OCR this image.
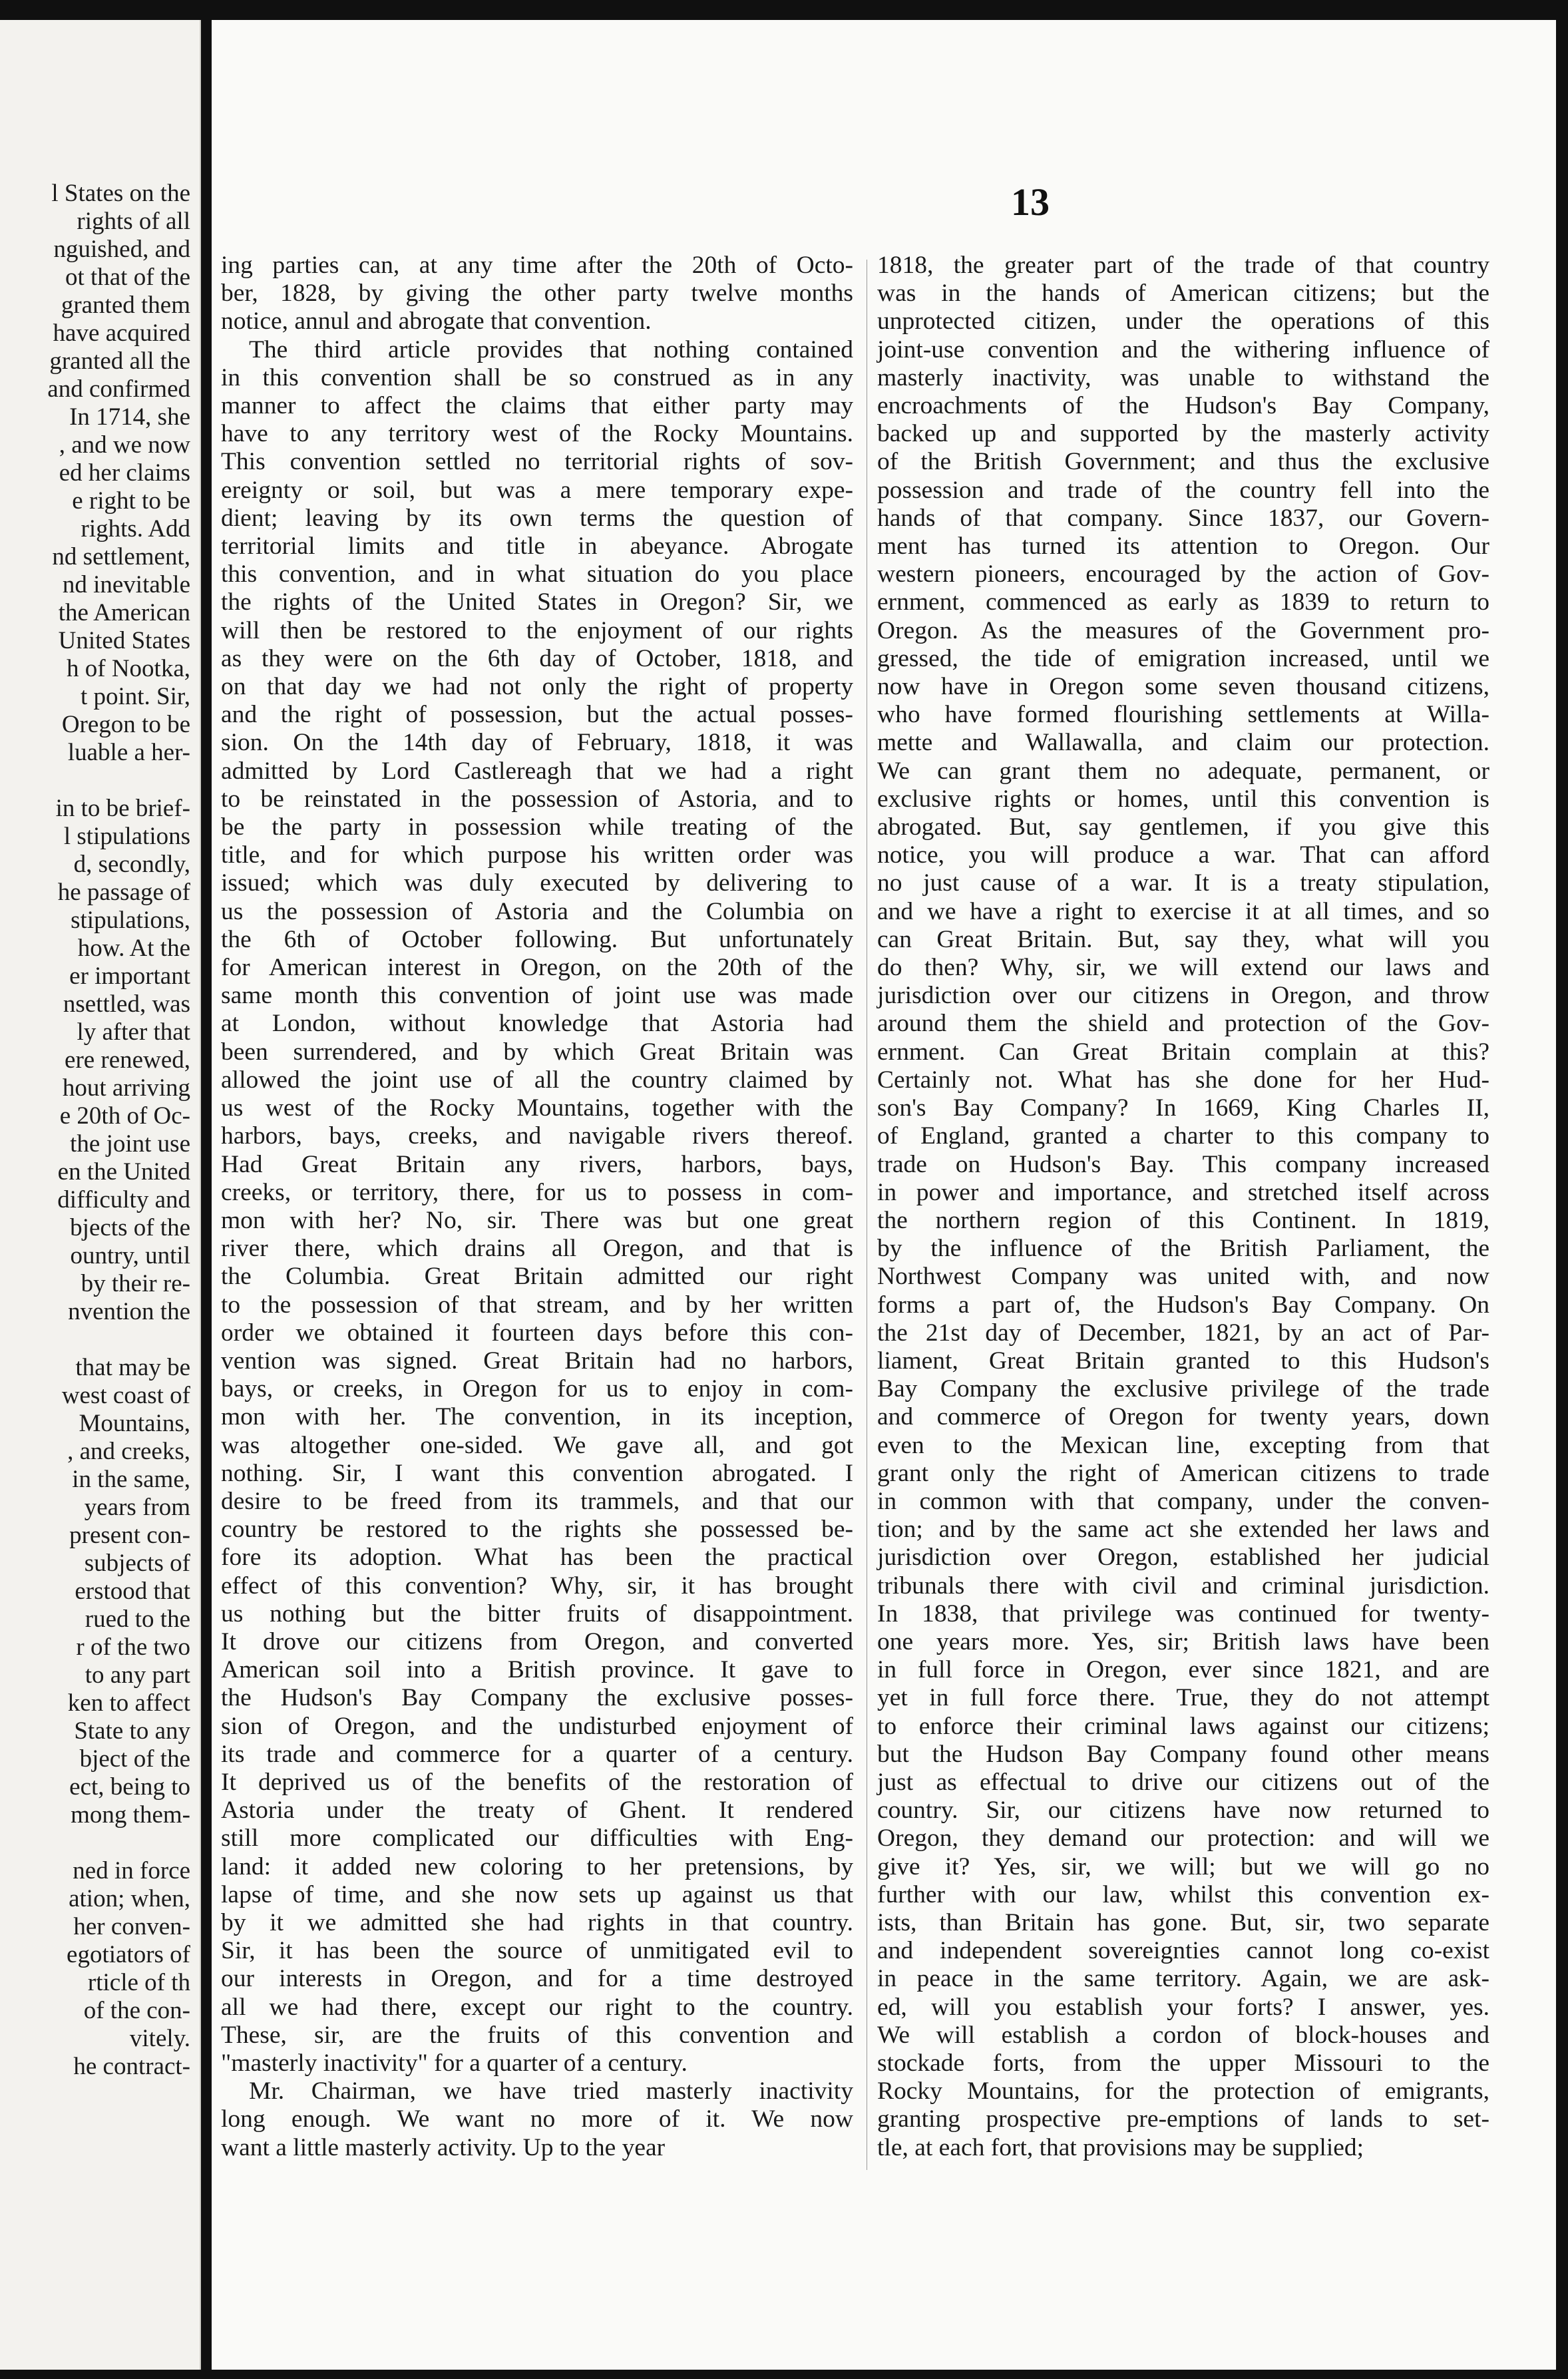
l States on the
rights of all
nguished, and
ot that of the
granted them
have acquired
granted all the
and confirmed
In 1714, she
, and we now
ed her claims
e right to be
rights. Add
nd settlement,
nd inevitable
the American
United States
h of Nootka,
t point. Sir,
Oregon to be
luable a her-
in to be brief-
l stipulations
d, secondly,
he passage of
stipulations,
how. At the
er important
nsettled, was
ly after that
ere renewed,
hout arriving
e 20th of Oc-
the joint use
en the United
difficulty and
bjects of the
ountry, until
by their re-
nvention the
that may be
west coast of
Mountains,
, and creeks,
in the same,
years from
present con-
subjects of
erstood that
rued to the
r of the two
to any part
ken to affect
State to any
bject of the
ect, being to
mong them-
ned in force
ation; when,
her conven-
egotiators of
rticle of th
of the con-
vitely.
he contract-
13

ing parties can, at any time after the 20th of Octo-
ber, 1828, by giving the other party twelve months
notice, annul and abrogate that convention.

The third article provides that nothing contained
in this convention shall be so construed as in any
manner to affect the claims that either party may
have to any territory west of the Rocky Mountains.
This convention settled no territorial rights of sov-
ereignty or soil, but was a mere temporary expe-
dient; leaving by its own terms the question of
territorial limits and title in abeyance. Abrogate
this convention, and in what situation do you place
the rights of the United States in Oregon? Sir, we
will then be restored to the enjoyment of our rights
as they were on the 6th day of October, 1818, and
on that day we had not only the right of property
and the right of possession, but the actual posses-
sion. On the 14th day of February, 1818, it was
admitted by Lord Castlereagh that we had a right
to be reinstated in the possession of Astoria, and to
be the party in possession while treating of the
title, and for which purpose his written order was
issued; which was duly executed by delivering to
us the possession of Astoria and the Columbia on
the 6th of October following. But unfortunately
for American interest in Oregon, on the 20th of the
same month this convention of joint use was made
at London, without knowledge that Astoria had
been surrendered, and by which Great Britain was
allowed the joint use of all the country claimed by
us west of the Rocky Mountains, together with the
harbors, bays, creeks, and navigable rivers thereof.
Had Great Britain any rivers, harbors, bays,
creeks, or territory, there, for us to possess in com-
mon with her? No, sir. There was but one great
river there, which drains all Oregon, and that is
the Columbia. Great Britain admitted our right
to the possession of that stream, and by her written
order we obtained it fourteen days before this con-
vention was signed. Great Britain had no harbors,
bays, or creeks, in Oregon for us to enjoy in com-
mon with her. The convention, in its inception,
was altogether one-sided. We gave all, and got
nothing. Sir, I want this convention abrogated. I
desire to be freed from its trammels, and that our
country be restored to the rights she possessed be-
fore its adoption. What has been the practical
effect of this convention? Why, sir, it has brought
us nothing but the bitter fruits of disappointment.
It drove our citizens from Oregon, and converted
American soil into a British province. It gave to
the Hudson's Bay Company the exclusive posses-
sion of Oregon, and the undisturbed enjoyment of
its trade and commerce for a quarter of a century.
It deprived us of the benefits of the restoration of
Astoria under the treaty of Ghent. It rendered
still more complicated our difficulties with Eng-
land: it added new coloring to her pretensions, by
lapse of time, and she now sets up against us that
by it we admitted she had rights in that country.
Sir, it has been the source of unmitigated evil to
our interests in Oregon, and for a time destroyed
all we had there, except our right to the country.
These, sir, are the fruits of this convention and
"masterly inactivity" for a quarter of a century.

Mr. Chairman, we have tried masterly inactivity
long enough. We want no more of it. We now
want a little masterly activity. Up to the year

1818, the greater part of the trade of that country
was in the hands of American citizens; but the
unprotected citizen, under the operations of this
joint-use convention and the withering influence of
masterly inactivity, was unable to withstand the
encroachments of the Hudson's Bay Company,
backed up and supported by the masterly activity
of the British Government; and thus the exclusive
possession and trade of the country fell into the
hands of that company. Since 1837, our Govern-
ment has turned its attention to Oregon. Our
western pioneers, encouraged by the action of Gov-
ernment, commenced as early as 1839 to return to
Oregon. As the measures of the Government pro-
gressed, the tide of emigration increased, until we
now have in Oregon some seven thousand citizens,
who have formed flourishing settlements at Willa-
mette and Wallawalla, and claim our protection.
We can grant them no adequate, permanent, or
exclusive rights or homes, until this convention is
abrogated. But, say gentlemen, if you give this
notice, you will produce a war. That can afford
no just cause of a war. It is a treaty stipulation,
and we have a right to exercise it at all times, and so
can Great Britain. But, say they, what will you
do then? Why, sir, we will extend our laws and
jurisdiction over our citizens in Oregon, and throw
around them the shield and protection of the Gov-
ernment. Can Great Britain complain at this?
Certainly not. What has she done for her Hud-
son's Bay Company? In 1669, King Charles II,
of England, granted a charter to this company to
trade on Hudson's Bay. This company increased
in power and importance, and stretched itself across
the northern region of this Continent. In 1819,
by the influence of the British Parliament, the
Northwest Company was united with, and now
forms a part of, the Hudson's Bay Company. On
the 21st day of December, 1821, by an act of Par-
liament, Great Britain granted to this Hudson's
Bay Company the exclusive privilege of the trade
and commerce of Oregon for twenty years, down
even to the Mexican line, excepting from that
grant only the right of American citizens to trade
in common with that company, under the conven-
tion; and by the same act she extended her laws and
jurisdiction over Oregon, established her judicial
tribunals there with civil and criminal jurisdiction.
In 1838, that privilege was continued for twenty-
one years more. Yes, sir; British laws have been
in full force in Oregon, ever since 1821, and are
yet in full force there. True, they do not attempt
to enforce their criminal laws against our citizens;
but the Hudson Bay Company found other means
just as effectual to drive our citizens out of the
country. Sir, our citizens have now returned to
Oregon, they demand our protection: and will we
give it? Yes, sir, we will; but we will go no
further with our law, whilst this convention ex-
ists, than Britain has gone. But, sir, two separate
and independent sovereignties cannot long co-exist
in peace in the same territory. Again, we are ask-
ed, will you establish your forts? I answer, yes.
We will establish a cordon of block-houses and
stockade forts, from the upper Missouri to the
Rocky Mountains, for the protection of emigrants,
granting prospective pre-emptions of lands to set-
tle, at each fort, that provisions may be supplied;
